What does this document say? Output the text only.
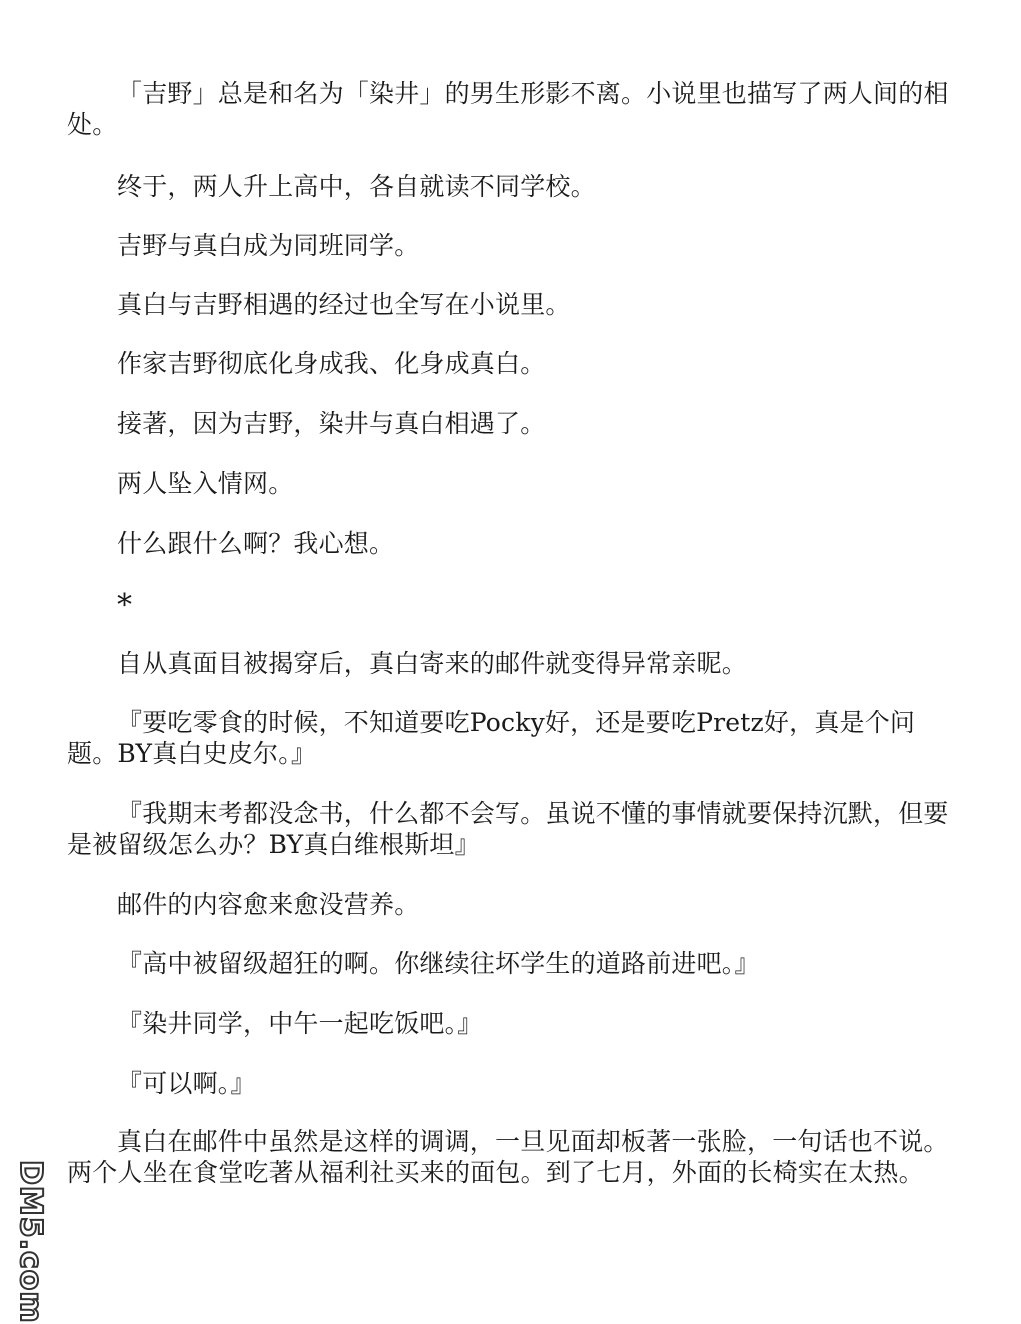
「吉野」总是和名为「染井」的男生形影不离。小说里也描写了两人间的相处。

终于，两人升上高中，各自就读不同学校。

吉野与真白成为同班同学。

真白与吉野相遇的经过也全写在小说里。

作家吉野彻底化身成我、化身成真白。

接著，因为吉野，染井与真白相遇了。

两人坠入情网。

什么跟什么啊？我心想。

*

自从真面目被揭穿后，真白寄来的邮件就变得异常亲昵。

『要吃零食的时候，不知道要吃Pocky好，还是要吃Pretz好，真是个问题。BY真白史皮尔。』

『我期末考都没念书，什么都不会写。虽说不懂的事情就要保持沉默，但要是被留级怎么办？BY真白维根斯坦』

邮件的内容愈来愈没营养。

『高中被留级超狂的啊。你继续往坏学生的道路前进吧。』

『染井同学，中午一起吃饭吧。』

『可以啊。』

真白在邮件中虽然是这样的调调，一旦见面却板著一张脸，一句话也不说。两个人坐在食堂吃著从福利社买来的面包。到了七月，外面的长椅实在太热。

DM5.com
